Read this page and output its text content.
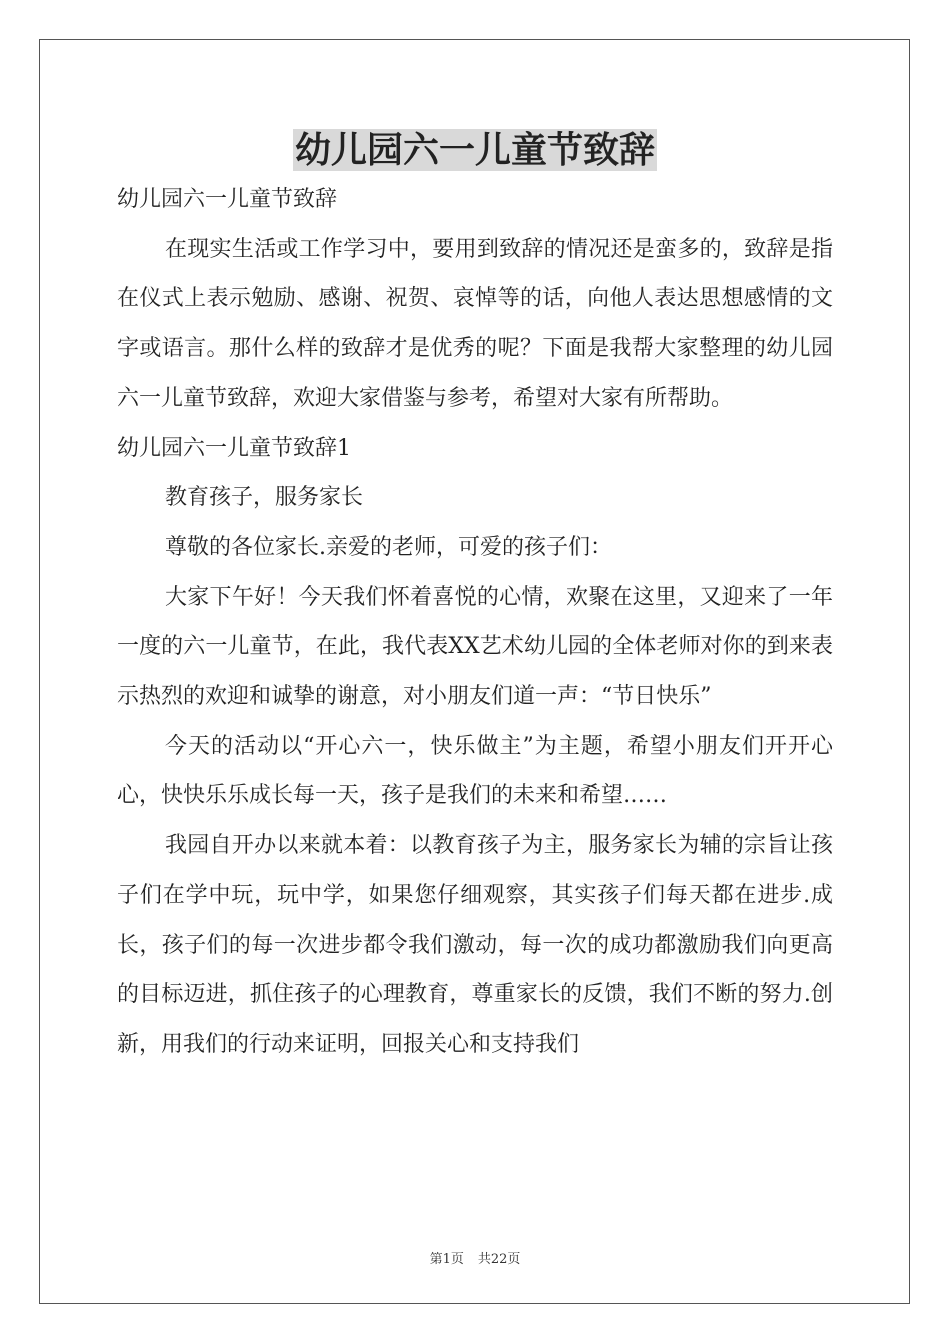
幼儿园六一儿童节致辞

幼儿园六一儿童节致辞

在现实生活或工作学习中，要用到致辞的情况还是蛮多的，致辞是指在仪式上表示勉励、感谢、祝贺、哀悼等的话，向他人表达思想感情的文字或语言。那什么样的致辞才是优秀的呢？下面是我帮大家整理的幼儿园六一儿童节致辞，欢迎大家借鉴与参考，希望对大家有所帮助。

幼儿园六一儿童节致辞1

教育孩子，服务家长

尊敬的各位家长.亲爱的老师，可爱的孩子们：

大家下午好！今天我们怀着喜悦的心情，欢聚在这里，又迎来了一年一度的六一儿童节，在此，我代表XX艺术幼儿园的全体老师对你的到来表示热烈的欢迎和诚挚的谢意，对小朋友们道一声：“节日快乐”

今天的活动以“开心六一，快乐做主”为主题，希望小朋友们开开心心，快快乐乐成长每一天，孩子是我们的未来和希望……

我园自开办以来就本着：以教育孩子为主，服务家长为辅的宗旨让孩子们在学中玩，玩中学，如果您仔细观察，其实孩子们每天都在进步.成长，孩子们的每一次进步都令我们激动，每一次的成功都激励我们向更高的目标迈进，抓住孩子的心理教育，尊重家长的反馈，我们不断的努力.创新，用我们的行动来证明，回报关心和支持我们

第1页 共22页
